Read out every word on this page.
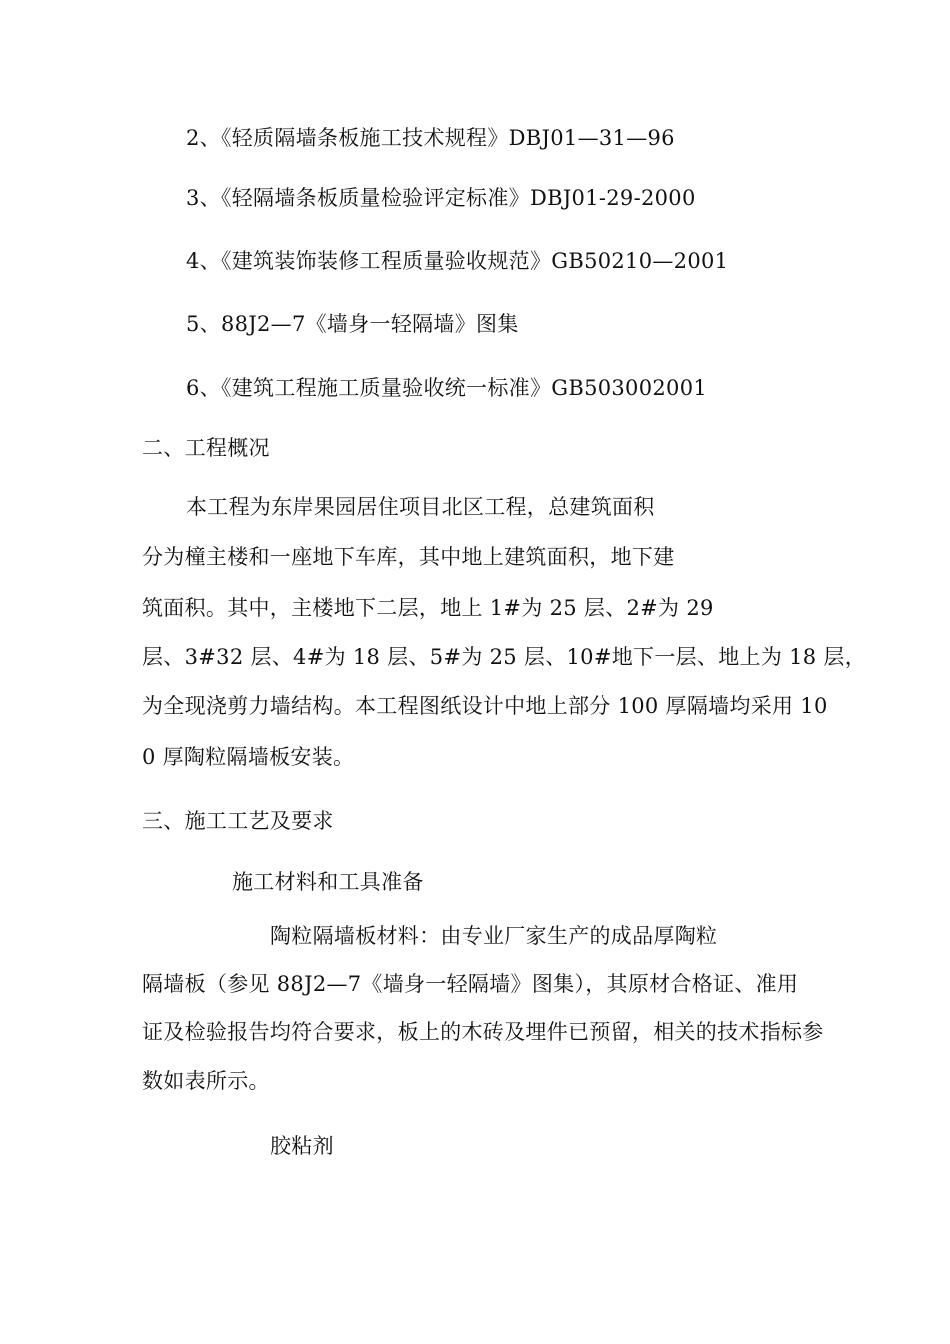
2、《轻质隔墙条板施工技术规程》DBJ01—31—96
3、《轻隔墙条板质量检验评定标准》DBJ01-29-2000
4、《建筑装饰装修工程质量验收规范》GB50210—2001
5、88J2—7《墙身一轻隔墙》图集
6、《建筑工程施工质量验收统一标准》GB503002001
二、工程概况
本工程为东岸果园居住项目北区工程，总建筑面积
分为橦主楼和一座地下车库，其中地上建筑面积，地下建
筑面积。其中，主楼地下二层，地上 1#为 25 层、2#为 29
层、3#32 层、4#为 18 层、5#为 25 层、10#地下一层、地上为 18 层，
为全现浇剪力墙结构。本工程图纸设计中地上部分 100 厚隔墙均采用 10
0 厚陶粒隔墙板安装。
三、施工工艺及要求
施工材料和工具准备
陶粒隔墙板材料：由专业厂家生产的成品厚陶粒
隔墙板（参见 88J2—7《墙身一轻隔墙》图集），其原材合格证、准用
证及检验报告均符合要求，板上的木砖及埋件已预留，相关的技术指标参
数如表所示。
胶粘剂
